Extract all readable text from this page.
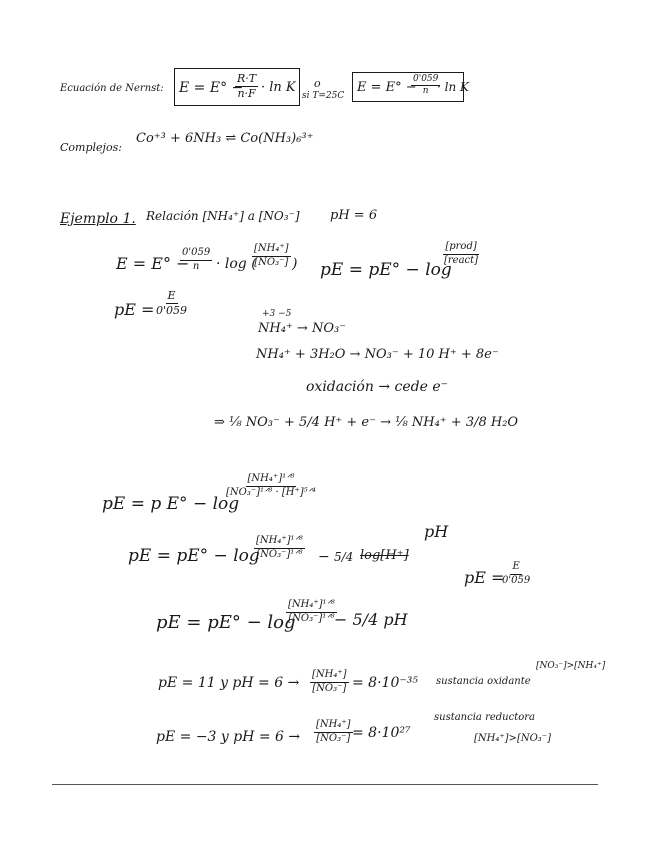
Ecuación de Nernst: E = E° −
$\frac{R\cdot T}{n\cdot F} \cdot \ln K$ o
si T=25C
E = E° −
$\frac{0'059}{n}$
· ln K
Complejos:
Co⁺³ + 6NH₃ ⇌ Co(NH₃)₆³⁺
Ejemplo 1. Relación [NH₄⁺] a [NO₃⁻] pH = 6
E = E° −
$\frac{0'059}{n} \cdot \log$ (
$\frac{\text{[NH₄⁺]}}{\text{[NO₃⁻]}}$ ) pE = pE° − log
[prod]
[react]
pE = $\frac{E}{0'059}$	+3 −5
NH₄⁺ → NO₃⁻
NH₄⁺ + 3H₂O → NO₃⁻ + 10 H⁺ + 8e⁻
oxidación → cede e⁻
⇒ ⅛ NO₃⁻ + 5/4 H⁺ + e⁻ → ⅛ NH₄⁺ + 3/8 H₂O
pE = p E° − log
[NH₄⁺]¹ᐟ⁸
[NO₃⁻]¹ᐟ⁸ · [H⁺]⁵ᐟ⁴
pE = pE° − log
[NH₄⁺]¹ᐟ⁸
[NO₃⁻]¹ᐟ⁸ − 5/4 log[H⁺]
pH
pE =
$\frac{E}{0'059}$
pE = pE° − log
[NH₄⁺]¹ᐟ⁸
[NO₃⁻]¹ᐟ⁸ − 5/4 pH
pE = 11 y pH = $6 \to \frac{\text{[NH₄⁺]}}{\text{[NO₃⁻]}} = 8\cdot 10^{-35}$ sustancia oxidante
[NO₃⁻]>[NH₄⁺]
pE = −3 y pH = $6 \to \frac{\text{[NH₄⁺]}}{\text{[NO₃⁻]}} = 8\cdot 10^{27}$
sustancia reductora
[NH₄⁺]>[NO₃⁻]
